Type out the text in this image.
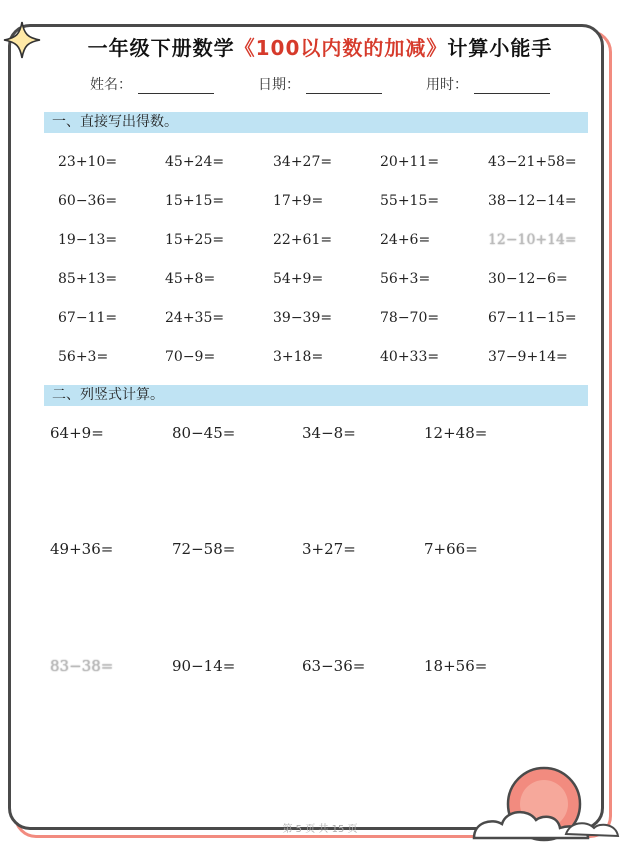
一年级下册数学《100以内数的加减》计算小能手
姓名：	日期：	用时：
一、直接写出得数。
23+10=	45+24=	34+27=	20+11=	43−21+58=
60−36=	15+15=	17+9=	55+15=	38−12−14=
19−13=	15+25=	22+61=	24+6=	12−10+14=
85+13=	45+8=	54+9=	56+3=	30−12−6=
67−11=	24+35=	39−39=	78−70=	67−11−15=
56+3=	70−9=	3+18=	40+33=	37−9+14=
二、列竖式计算。
64+9=	80−45=	34−8=	12+48=
49+36=	72−58=	3+27=	7+66=
83−38=	90−14=	63−36=	18+56=
第 5 页 共 15 页
